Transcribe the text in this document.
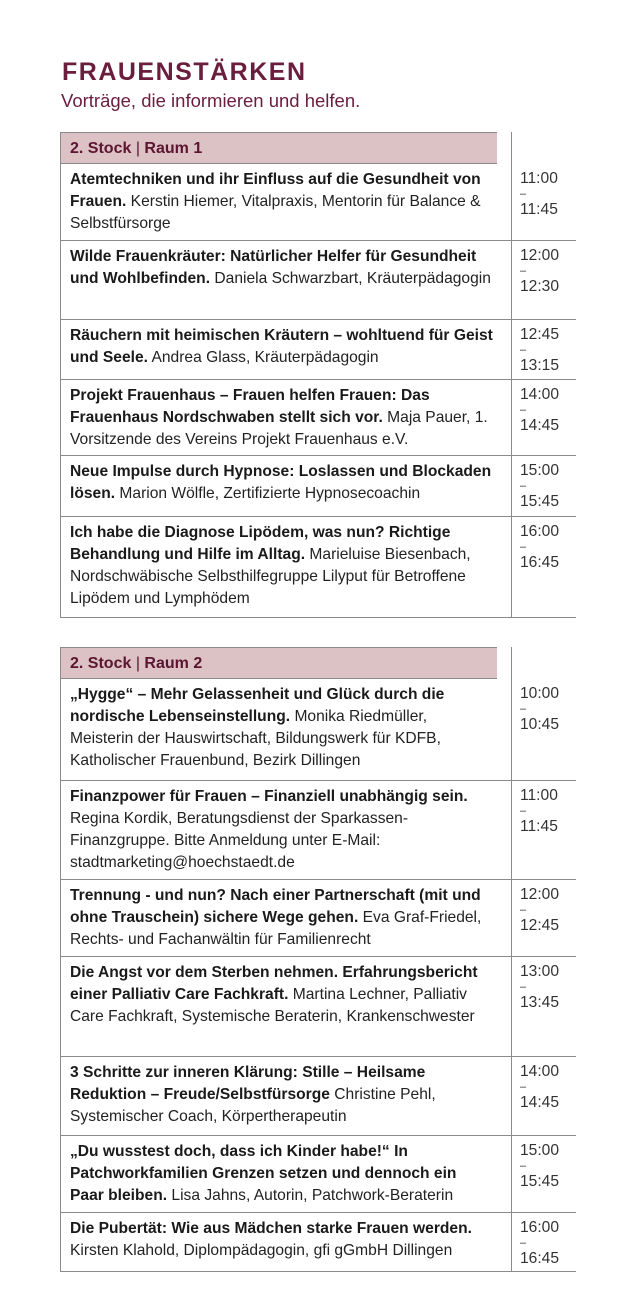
FRAUENSTÄRKEN
Vorträge, die informieren und helfen.
2. Stock | Raum 1
Atemtechniken und ihr Einfluss auf die Gesundheit von Frauen. Kerstin Hiemer, Vitalpraxis, Mentorin für Balance & Selbstfürsorge
11:00
–
11:45
Wilde Frauenkräuter: Natürlicher Helfer für Gesundheit und Wohlbefinden. Daniela Schwarzbart, Kräuterpädagogin
12:00
–
12:30
Räuchern mit heimischen Kräutern – wohltuend für Geist und Seele. Andrea Glass, Kräuterpädagogin
12:45
–
13:15
Projekt Frauenhaus – Frauen helfen Frauen: Das Frauenhaus Nordschwaben stellt sich vor. Maja Pauer, 1. Vorsitzende des Vereins Projekt Frauenhaus e.V.
14:00
–
14:45
Neue Impulse durch Hypnose: Loslassen und Blockaden lösen. Marion Wölfle, Zertifizierte Hypnosecoachin
15:00
–
15:45
Ich habe die Diagnose Lipödem, was nun? Richtige Behandlung und Hilfe im Alltag. Marieluise Biesenbach, Nordschwäbische Selbsthilfegruppe Lilyput für Betroffene Lipödem und Lymphödem
16:00
–
16:45
2. Stock | Raum 2
„Hygge“ – Mehr Gelassenheit und Glück durch die nordische Lebenseinstellung. Monika Riedmüller, Meisterin der Hauswirtschaft, Bildungswerk für KDFB, Katholischer Frauenbund, Bezirk Dillingen
10:00
–
10:45
Finanzpower für Frauen – Finanziell unabhängig sein. Regina Kordik, Beratungsdienst der Sparkassen-Finanzgruppe. Bitte Anmeldung unter E-Mail: stadtmarketing@hoechstaedt.de
11:00
–
11:45
Trennung - und nun? Nach einer Partnerschaft (mit und ohne Trauschein) sichere Wege gehen. Eva Graf-Friedel, Rechts- und Fachanwältin für Familienrecht
12:00
–
12:45
Die Angst vor dem Sterben nehmen. Erfahrungsbericht einer Palliativ Care Fachkraft. Martina Lechner, Palliativ Care Fachkraft, Systemische Beraterin, Krankenschwester
13:00
–
13:45
3 Schritte zur inneren Klärung: Stille – Heilsame Reduktion – Freude/Selbstfürsorge Christine Pehl, Systemischer Coach, Körpertherapeutin
14:00
–
14:45
„Du wusstest doch, dass ich Kinder habe!“ In Patchworkfamilien Grenzen setzen und dennoch ein Paar bleiben. Lisa Jahns, Autorin, Patchwork-Beraterin
15:00
–
15:45
Die Pubertät: Wie aus Mädchen starke Frauen werden. Kirsten Klahold, Diplompädagogin, gfi gGmbH Dillingen
16:00
–
16:45
